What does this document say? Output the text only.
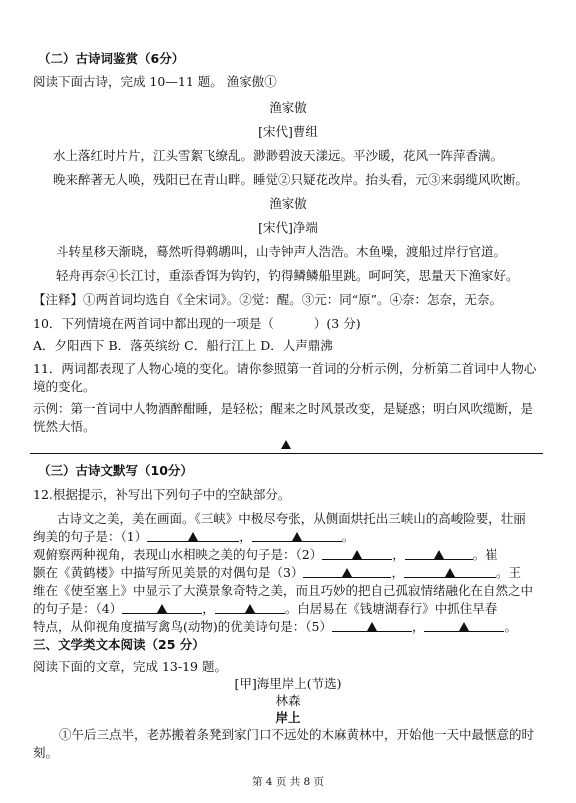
（二）古诗词鉴赏（6分）
阅读下面古诗，完成 10—11 题。 渔家傲①
渔家傲
[宋代]曹组
水上落红时片片，江头雪絮飞缭乱。渺渺碧波天漾远。平沙暖，花风一阵萍香满。
晚来醉著无人唤，残阳已在青山畔。睡觉②只疑花改岸。抬头看，元③来弱缆风吹断。
渔家傲
[宋代]净端
斗转星移天渐晓，蓦然听得鹈鹕叫，山寺钟声人浩浩。木鱼噪，渡船过岸行官道。
轻舟再奈④长江讨，重添香饵为钩钓，钓得鳞鳞船里跳。呵呵笑，思量天下渔家好。
【注释】①两首词均选自《全宋词》。②觉：醒。③元：同“原”。④奈：怎奈，无奈。
10．下列情境在两首词中都出现的一项是（	）(3 分)
A．夕阳西下 B．落英缤纷 C．船行江上 D．人声鼎沸
11．两词都表现了人物心境的变化。请你参照第一首词的分析示例，分析第二首词中人物心
境的变化。
示例：第一首词中人物酒醉酣睡，是轻松；醒来之时风景改变，是疑惑；明白风吹缆断，是
恍然大悟。
（三）古诗文默写（10分）
12.根据提示，补写出下列句子中的空缺部分。
古诗文之美，美在画面。《三峡》中极尽夸张，从侧面烘托出三峡山的高峻险要，壮丽
绚美的句子是：（1）	，	。
观俯察两种视角，表现山水相映之美的句子是：（2）	，	。崔
颢在《黄鹤楼》中描写所见美景的对偶句是（3）	，	。王
维在《使至塞上》中显示了大漠景象奇特之美，而且巧妙的把自己孤寂情绪融化在自然之中
的句子是：（4）	，	。白居易在《钱塘湖春行》中抓住早春
特点，从仰视角度描写禽鸟(动物)的优美诗句是：（5）	，	。
三、文学类文本阅读（25 分）
阅读下面的文章，完成 13-19 题。
[甲]海里岸上(节选)
林森
岸上
①午后三点半，老苏搬着条凳到家门口不远处的木麻黄林中，开始他一天中最惬意的时
刻。
第 4 页 共 8 页
